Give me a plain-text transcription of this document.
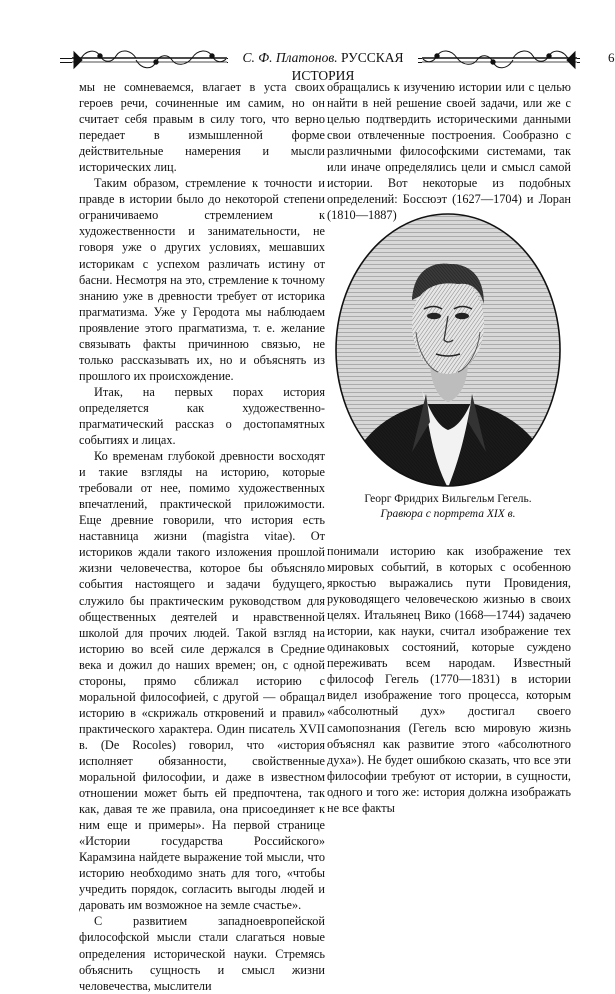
С. Ф. Платонов. РУССКАЯ ИСТОРИЯ
6

мы не сомневаемся, влагает в уста своих героев речи, сочиненные им самим, но он считает себя правым в силу того, что верно передает в измышленной форме действительные намерения и мысли исторических лиц.

Таким образом, стремление к точности и правде в истории было до некоторой степени ограничиваемо стремлением к художественности и занимательности, не говоря уже о других условиях, мешавших историкам с успехом различать истину от басни. Несмотря на это, стремление к точному знанию уже в древности требует от историка прагматизма. Уже у Геродота мы наблюдаем проявление этого прагматизма, т. е. желание связывать факты причинною связью, не только рассказывать их, но и объяснять из прошлого их происхождение.

Итак, на первых порах история определяется как художественно-прагматический рассказ о достопамятных событиях и лицах.

Ко временам глубокой древности восходят и такие взгляды на историю, которые требовали от нее, помимо художественных впечатлений, практической приложимости. Еще древние говорили, что история есть наставница жизни (magistra vitae). От историков ждали такого изложения прошлой жизни человечества, которое бы объясняло события настоящего и задачи будущего, служило бы практическим руководством для общественных деятелей и нравственной школой для прочих людей. Такой взгляд на историю во всей силе держался в Средние века и дожил до наших времен; он, с одной стороны, прямо сближал историю с моральной философией, с другой — обращал историю в «скрижаль откровений и правил» практического характера. Один писатель XVII в. (De Rocoles) говорил, что «история исполняет обязанности, свойственные моральной философии, и даже в известном отношении может быть ей предпочтена, так как, давая те же правила, она присоединяет к ним еще и примеры». На первой странице «Истории государства Российского» Карамзина найдете выражение той мысли, что историю необходимо знать для того, «чтобы учредить порядок, согласить выгоды людей и даровать им возможное на земле счастье».

С развитием западноевропейской философской мысли стали слагаться новые определения исторической науки. Стремясь объяснить сущность и смысл жизни человечества, мыслители

обращались к изучению истории или с целью найти в ней решение своей задачи, или же с целью подтвердить историческими данными свои отвлеченные построения. Сообразно с различными философскими системами, так или иначе определялись цели и смысл самой истории. Вот некоторые из подобных определений: Боссюэт (1627—1704) и Лоран (1810—1887)

Георг Фридрих Вильгельм Гегель.
Гравюра с портрета XIX в.

понимали историю как изображение тех мировых событий, в которых с особенною яркостью выражались пути Провидения, руководящего человеческою жизнью в своих целях. Итальянец Вико (1668—1744) задачею истории, как науки, считал изображение тех одинаковых состояний, которые суждено переживать всем народам. Известный философ Гегель (1770—1831) в истории видел изображение того процесса, которым «абсолютный дух» достигал своего самопознания (Гегель всю мировую жизнь объяснял как развитие этого «абсолютного духа»). Не будет ошибкою сказать, что все эти философии требуют от истории, в сущности, одного и того же: история должна изображать не все факты
